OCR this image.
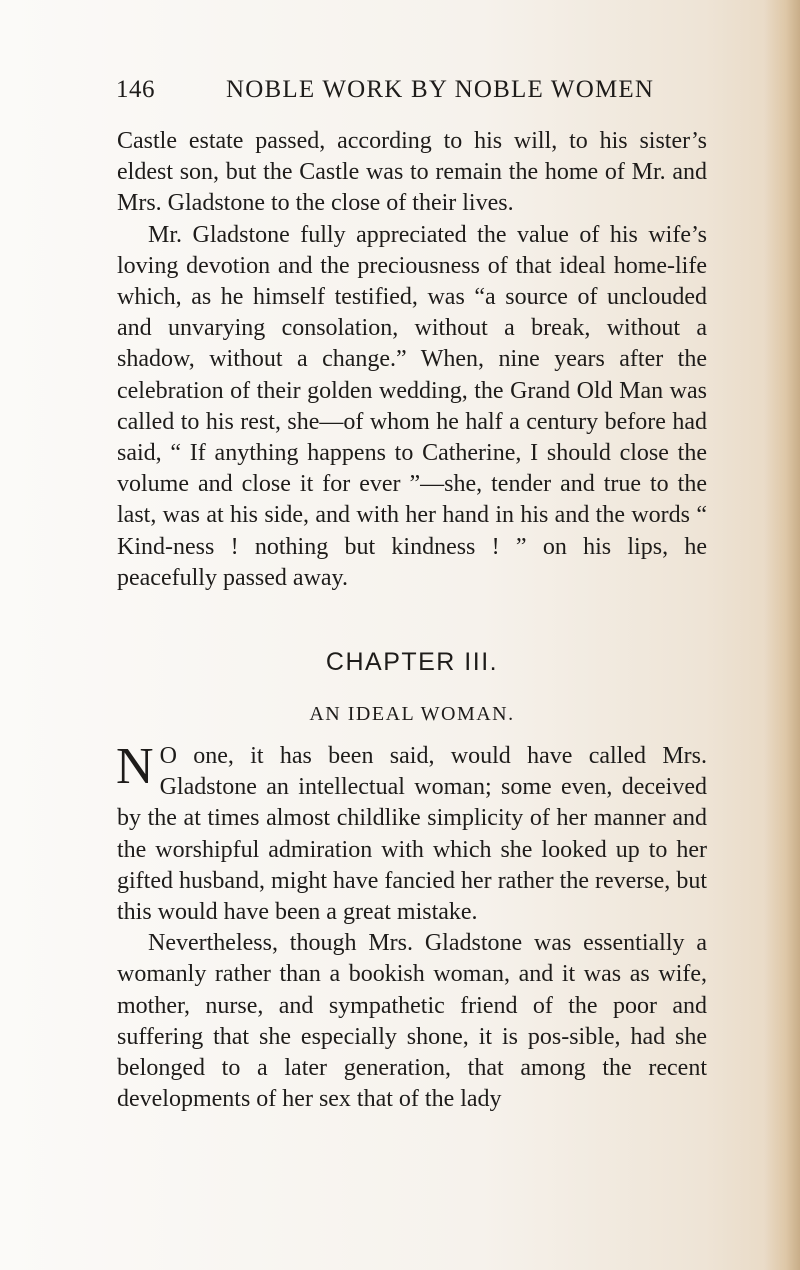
146	NOBLE WORK BY NOBLE WOMEN

Castle estate passed, according to his will, to his sister’s eldest son, but the Castle was to remain the home of Mr. and Mrs. Gladstone to the close of their lives.

Mr. Gladstone fully appreciated the value of his wife’s loving devotion and the preciousness of that ideal home-life which, as he himself testified, was “a source of unclouded and unvarying consolation, without a break, without a shadow, without a change.” When, nine years after the celebration of their golden wedding, the Grand Old Man was called to his rest, she—of whom he half a century before had said, “ If anything happens to Catherine, I should close the volume and close it for ever ”—she, tender and true to the last, was at his side, and with her hand in his and the words “ Kind-ness ! nothing but kindness ! ” on his lips, he peacefully passed away.

CHAPTER III.
AN IDEAL WOMAN.

N O one, it has been said, would have called Mrs. Gladstone an intellectual woman; some even, deceived by the at times almost childlike simplicity of her manner and the worshipful admiration with which she looked up to her gifted husband, might have fancied her rather the reverse, but this would have been a great mistake.

Nevertheless, though Mrs. Gladstone was essentially a womanly rather than a bookish woman, and it was as wife, mother, nurse, and sympathetic friend of the poor and suffering that she especially shone, it is pos-sible, had she belonged to a later generation, that among the recent developments of her sex that of the lady
